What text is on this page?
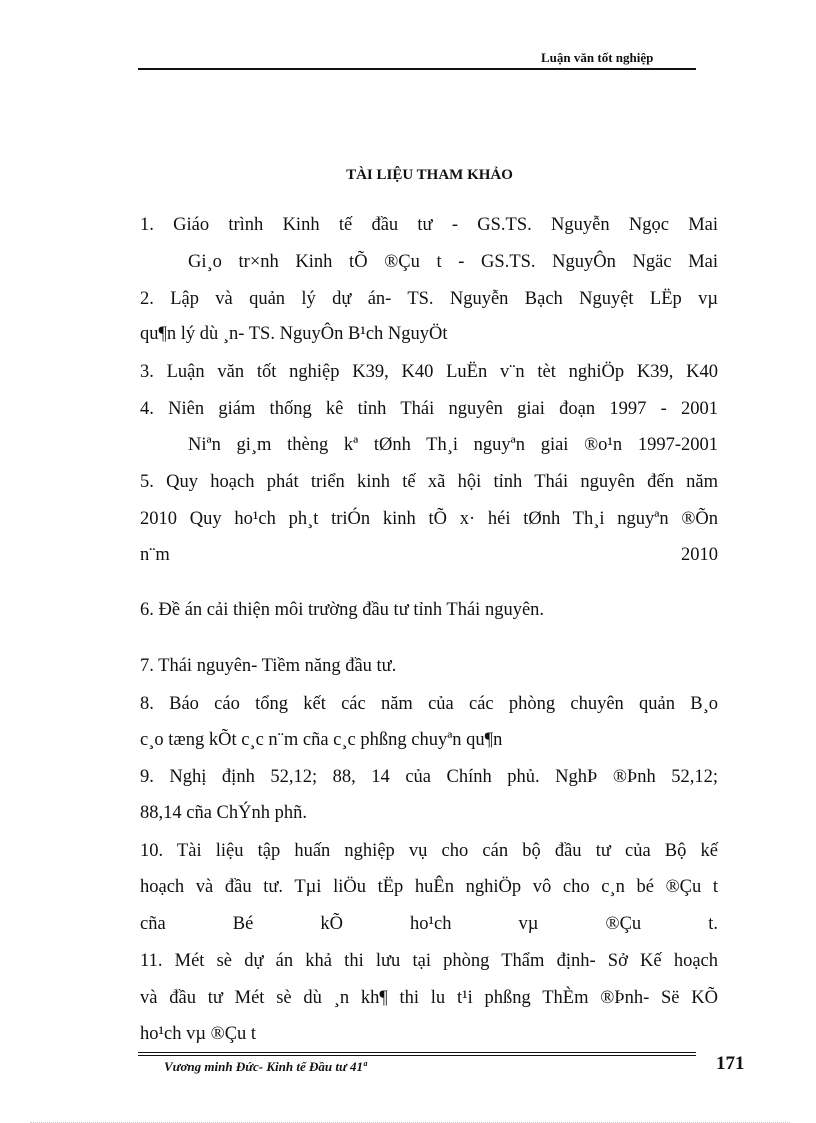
Luận văn tốt nghiệp
TÀI LIỆU THAM KHẢO
1. Giáo trình Kinh tế đầu tư - GS.TS. Nguyễn Ngọc Mai
Gi¸o tr×nh Kinh tÕ ®Çu t - GS.TS. NguyÔn Ngäc Mai
2. Lập và quản lý dự án- TS. Nguyễn Bạch Nguyệt LËp vµ
qu¶n lý dù ¸n- TS. NguyÔn B¹ch NguyÖt
3. Luận văn tốt nghiệp K39, K40 LuËn v¨n tèt nghiÖp K39, K40
4. Niên giám thống kê tỉnh Thái nguyên giai đoạn 1997 - 2001
Niªn gi¸m thèng kª tØnh Th¸i nguyªn giai ®o¹n 1997-2001
5. Quy hoạch phát triển kinh tế xã hội tỉnh Thái nguyên đến năm
2010 Quy ho¹ch ph¸t triÓn kinh tÕ x· héi tØnh Th¸i nguyªn ®Õn
n¨m 2010
6. Đề án cải thiện môi trường đầu tư tỉnh Thái nguyên.
7. Thái nguyên- Tiềm năng đầu tư.
8. Báo cáo tổng kết các năm của các phòng chuyên quản B¸o
c¸o tæng kÕt c¸c n¨m cña c¸c phßng chuyªn qu¶n
9. Nghị định 52,12; 88, 14 của Chính phủ. NghÞ ®Þnh 52,12;
88,14 cña ChÝnh phñ.
10. Tài liệu tập huấn nghiệp vụ cho cán bộ đầu tư của Bộ kế
hoạch và đầu tư. Tµi liÖu tËp huÊn nghiÖp vô cho c¸n bé ®Çu t
cña Bé kÕ ho¹ch vµ ®Çu t.
11. Mét sè dự án khả thi lưu tại phòng Thẩm định- Sở Kế hoạch
và đầu tư Mét sè dù ¸n kh¶ thi lu t¹i phßng ThÈm ®Þnh- Së KÕ
ho¹ch vµ ®Çu t
Vương minh Đức- Kinh tế Đầu tư 41ª	171
